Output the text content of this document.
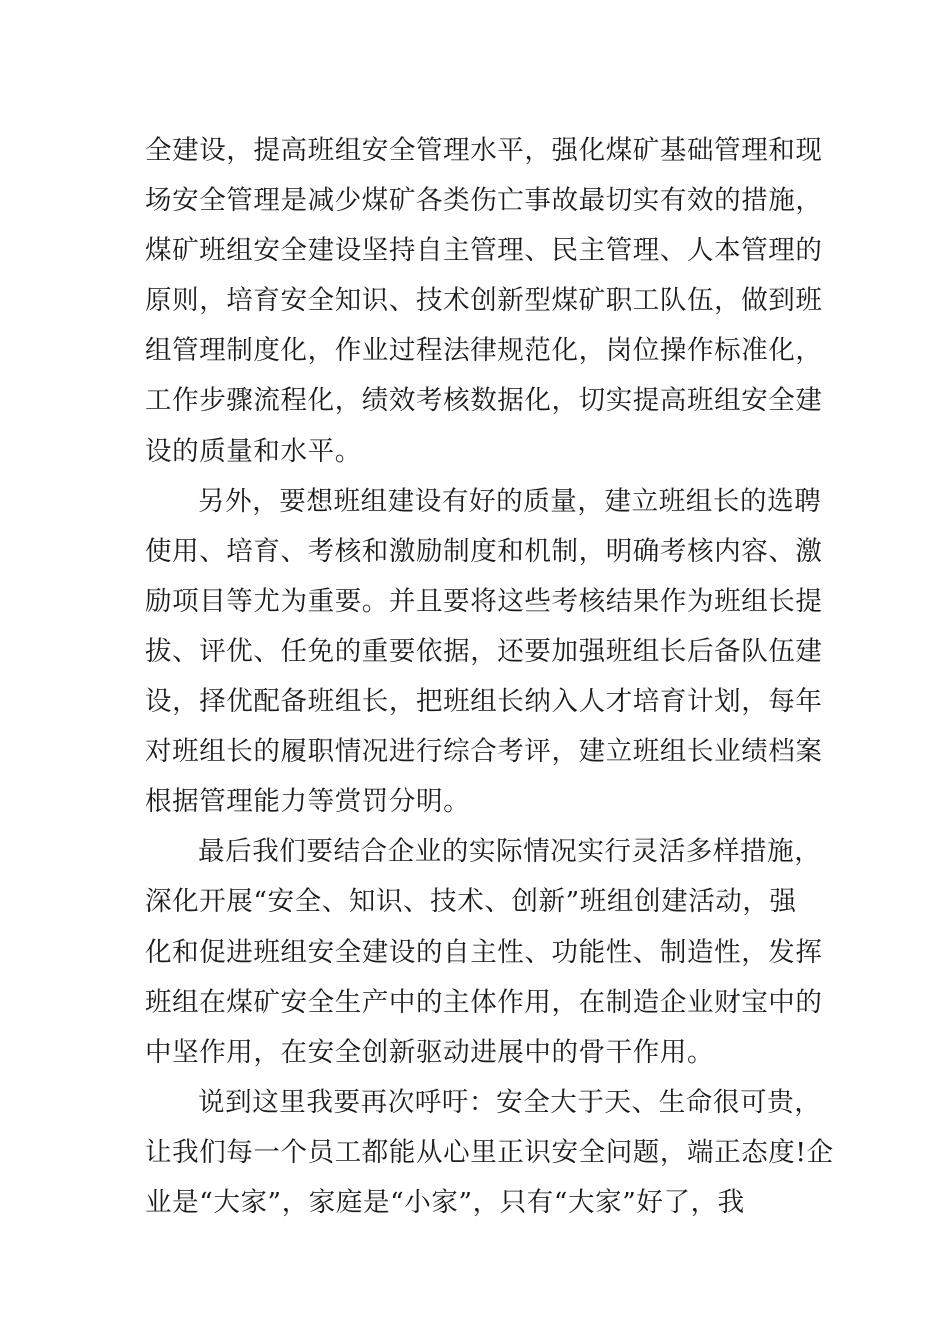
全建设，提高班组安全管理水平，强化煤矿基础管理和现
场安全管理是减少煤矿各类伤亡事故最切实有效的措施，
煤矿班组安全建设坚持自主管理、民主管理、人本管理的
原则，培育安全知识、技术创新型煤矿职工队伍，做到班
组管理制度化，作业过程法律规范化，岗位操作标准化，
工作步骤流程化，绩效考核数据化，切实提高班组安全建
设的质量和水平。
另外，要想班组建设有好的质量，建立班组长的选聘
使用、培育、考核和激励制度和机制，明确考核内容、激
励项目等尤为重要。并且要将这些考核结果作为班组长提
拔、评优、任免的重要依据，还要加强班组长后备队伍建
设，择优配备班组长，把班组长纳入人才培育计划，每年
对班组长的履职情况进行综合考评，建立班组长业绩档案
根据管理能力等赏罚分明。
最后我们要结合企业的实际情况实行灵活多样措施，
深化开展“安全、知识、技术、创新”班组创建活动，强
化和促进班组安全建设的自主性、功能性、制造性，发挥
班组在煤矿安全生产中的主体作用，在制造企业财宝中的
中坚作用，在安全创新驱动进展中的骨干作用。
说到这里我要再次呼吁：安全大于天、生命很可贵，
让我们每一个员工都能从心里正识安全问题，端正态度!企
业是“大家”，家庭是“小家”，只有“大家”好了，我
